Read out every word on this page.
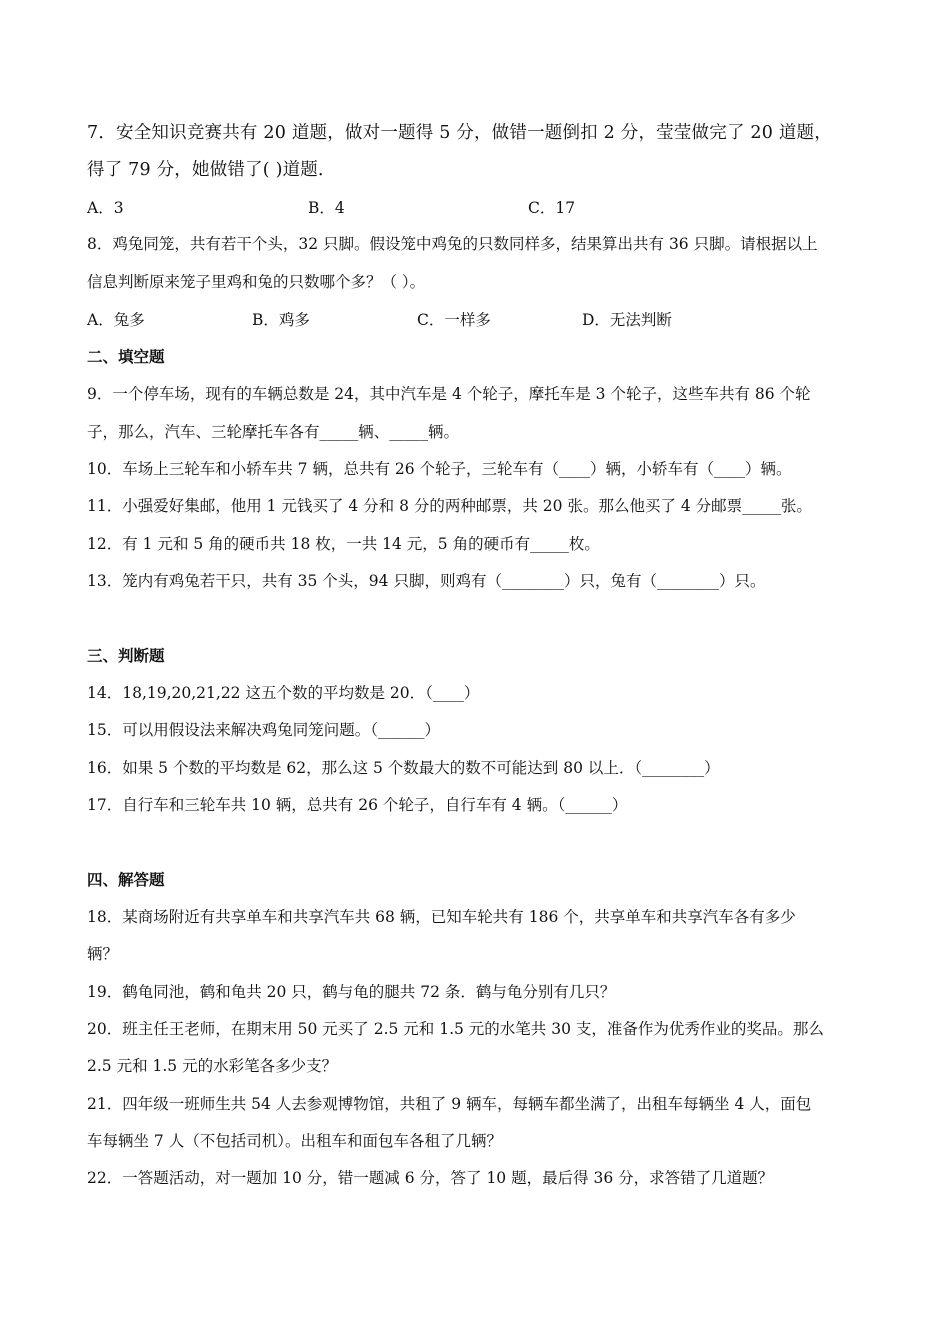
7．安全知识竞赛共有 20 道题，做对一题得 5 分，做错一题倒扣 2 分，莹莹做完了 20 道题，
得了 79 分，她做错了( )道题．
A．3	B．4	C．17
8．鸡兔同笼，共有若干个头，32 只脚。假设笼中鸡兔的只数同样多，结果算出共有 36 只脚。请根据以上
信息判断原来笼子里鸡和兔的只数哪个多？（ ）。
A．兔多	B．鸡多	C．一样多	D．无法判断
二、填空题
9．一个停车场，现有的车辆总数是 24，其中汽车是 4 个轮子，摩托车是 3 个轮子，这些车共有 86 个轮
子，那么，汽车、三轮摩托车各有_____辆、_____辆。
10．车场上三轮车和小轿车共 7 辆，总共有 26 个轮子，三轮车有（____）辆，小轿车有（____）辆。
11．小强爱好集邮，他用 1 元钱买了 4 分和 8 分的两种邮票，共 20 张。那么他买了 4 分邮票_____张。
12．有 1 元和 5 角的硬币共 18 枚，一共 14 元，5 角的硬币有_____枚。
13．笼内有鸡兔若干只，共有 35 个头，94 只脚，则鸡有（________）只，兔有（________）只。
三、判断题
14．18,19,20,21,22 这五个数的平均数是 20．（____）
15．可以用假设法来解决鸡兔同笼问题。（______）
16．如果 5 个数的平均数是 62，那么这 5 个数最大的数不可能达到 80 以上．（________）
17．自行车和三轮车共 10 辆，总共有 26 个轮子，自行车有 4 辆。（______）
四、解答题
18．某商场附近有共享单车和共享汽车共 68 辆，已知车轮共有 186 个，共享单车和共享汽车各有多少
辆？
19．鹤龟同池，鹤和龟共 20 只，鹤与龟的腿共 72 条．鹤与龟分别有几只？
20．班主任王老师，在期末用 50 元买了 2.5 元和 1.5 元的水笔共 30 支，准备作为优秀作业的奖品。那么
2.5 元和 1.5 元的水彩笔各多少支？
21．四年级一班师生共 54 人去参观博物馆，共租了 9 辆车，每辆车都坐满了，出租车每辆坐 4 人，面包
车每辆坐 7 人（不包括司机）。出租车和面包车各租了几辆？
22．一答题活动，对一题加 10 分，错一题减 6 分，答了 10 题，最后得 36 分，求答错了几道题？
